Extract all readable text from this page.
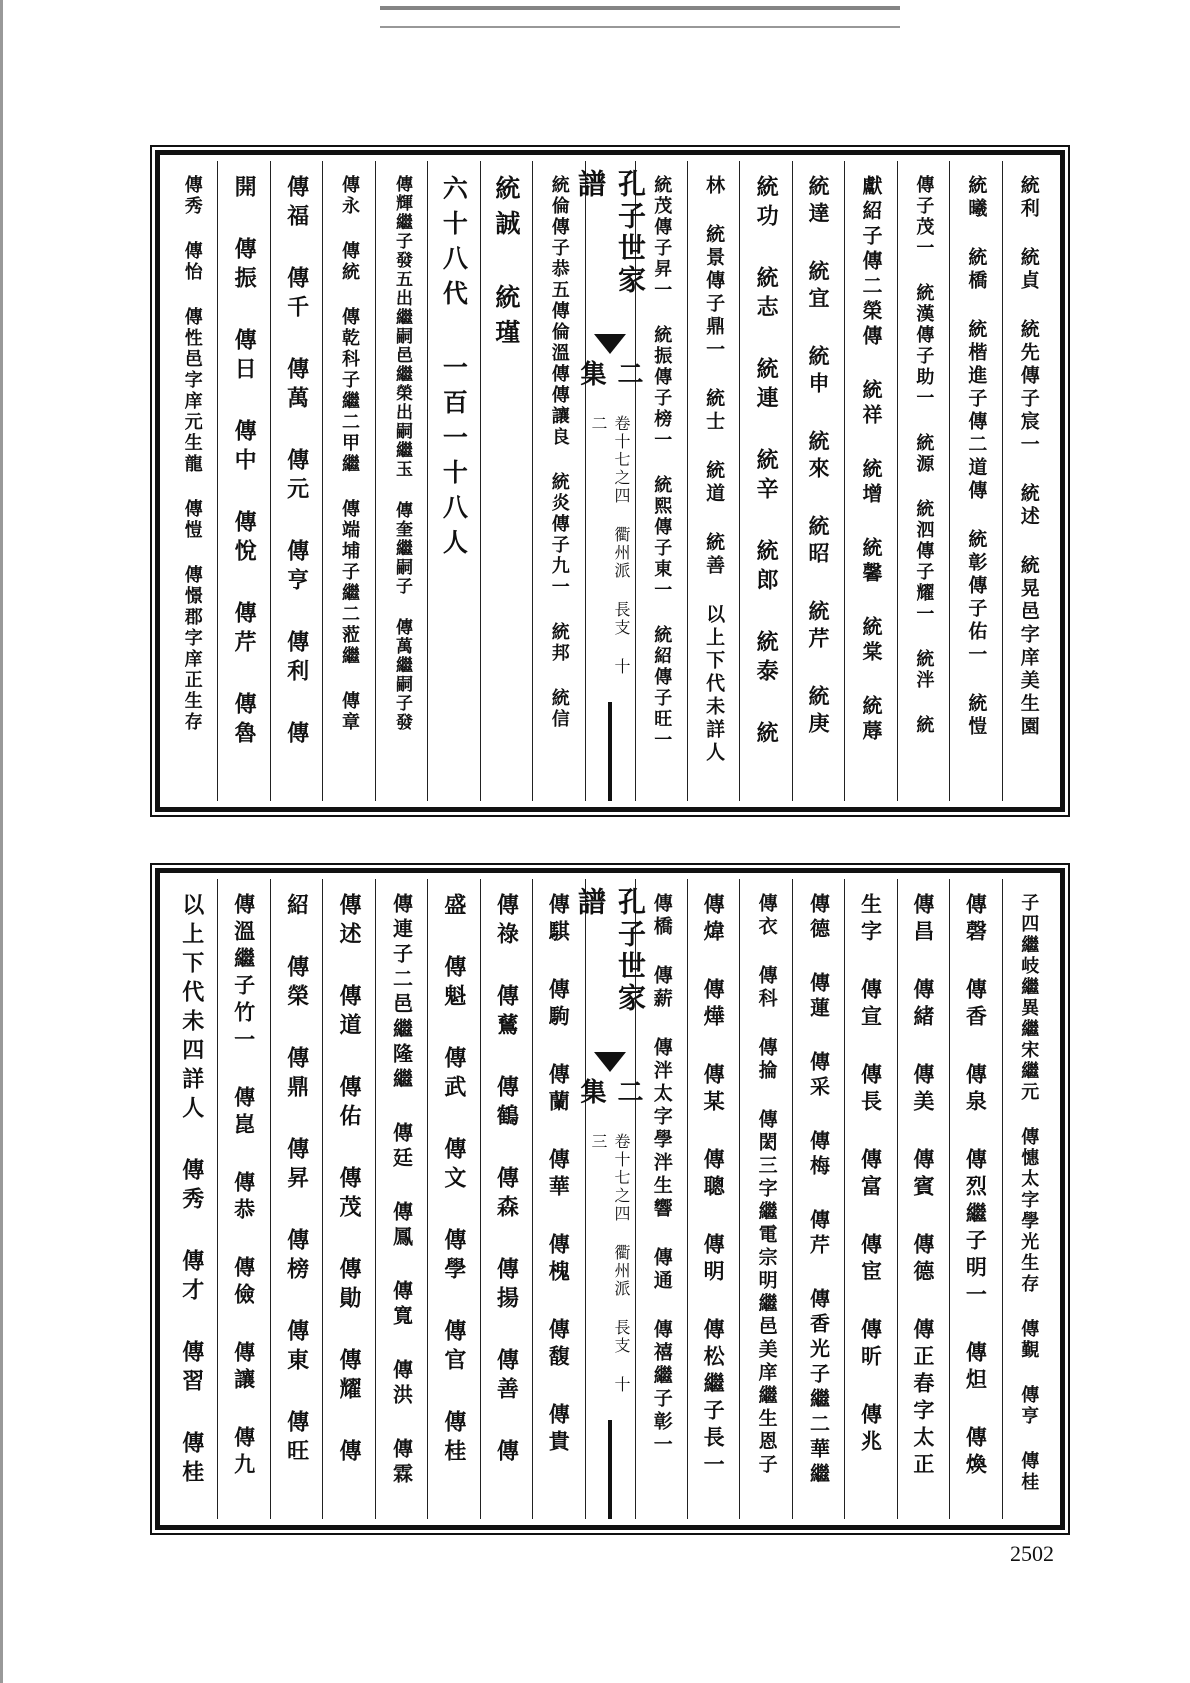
統利 統貞 統先傳子宸一 統述 統晃邑字庠美生園
統曦 統橋 統楷進子傳二道傳 統彰傳子佑一 統愷
傳子茂一 統漢傳子助一 統源 統泗傳子耀一 統泮 統
獻紹子傳二榮傳 統祥 統增 統馨 統棠 統蓐
統達 統宜 統申 統來 統昭 統芹 統庚
統功 統志 統連 統辛 統郎 統泰 統
林 統景傳子鼎一 統士 統道 統善 以上下代未詳人
統茂傳子昇一 統振傳子榜一 統熙傳子東一 統紹傳子旺一
孔子世家譜
二集
卷十七之四 衢州派 長支 十二
統倫傳子恭五傳倫溫傳傳讓良 統炎傳子九一 統邦 統信
統誠 統瑾
六十八代 一百一十八人
傳輝繼子發五出繼嗣邑繼榮出嗣繼玉 傳奎繼嗣子 傳萬繼嗣子發
傳永 傳統 傳乾科子繼二甲繼 傳端埔子繼二蒞繼 傳章
傳福 傳千 傳萬 傳元 傳亨 傳利 傳
開 傳振 傳日 傳中 傳悅 傳芹 傳魯
傳秀 傳怡 傳性邑字庠元生龍 傳愷 傳憬郡字庠正生存
子四繼岐繼異繼宋繼元 傳憓太字學光生存 傳覲 傳亨 傳桂
傳磬 傳香 傳泉 傳烈繼子明一 傳炟 傳煥
傳昌 傳緒 傳美 傳賓 傳德 傳正春字太正
生字 傳宣 傳長 傳富 傳宦 傳昕 傳兆
傳德 傳蓮 傳采 傳梅 傳芹 傳香光子繼二華繼
傳衣 傳科 傳掄 傳閎三字繼電宗明繼邑美庠繼生恩子
傳煒 傳燁 傳某 傳聰 傳明 傳松繼子長一
傳橋 傳薪 傳泮太字學泮生響 傳通 傳禧繼子彰一
孔子世家譜
二集
卷十七之四 衢州派 長支 十三
傳騏 傳駒 傳蘭 傳華 傳槐 傳馥 傳貴
傳祿 傳鶿 傳鶴 傳森 傳揚 傳善 傳
盛 傳魁 傳武 傳文 傳學 傳官 傳桂
傳連子二邑繼隆繼 傳廷 傳鳳 傳寬 傳洪 傳霖
傳述 傳道 傳佑 傳茂 傳勛 傳耀 傳
紹 傳榮 傳鼎 傳昇 傳榜 傳東 傳旺
傳溫繼子竹一 傳崑 傳恭 傳儉 傳讓 傳九
以上下代未四詳人 傳秀 傳才 傳習 傳桂
2502
